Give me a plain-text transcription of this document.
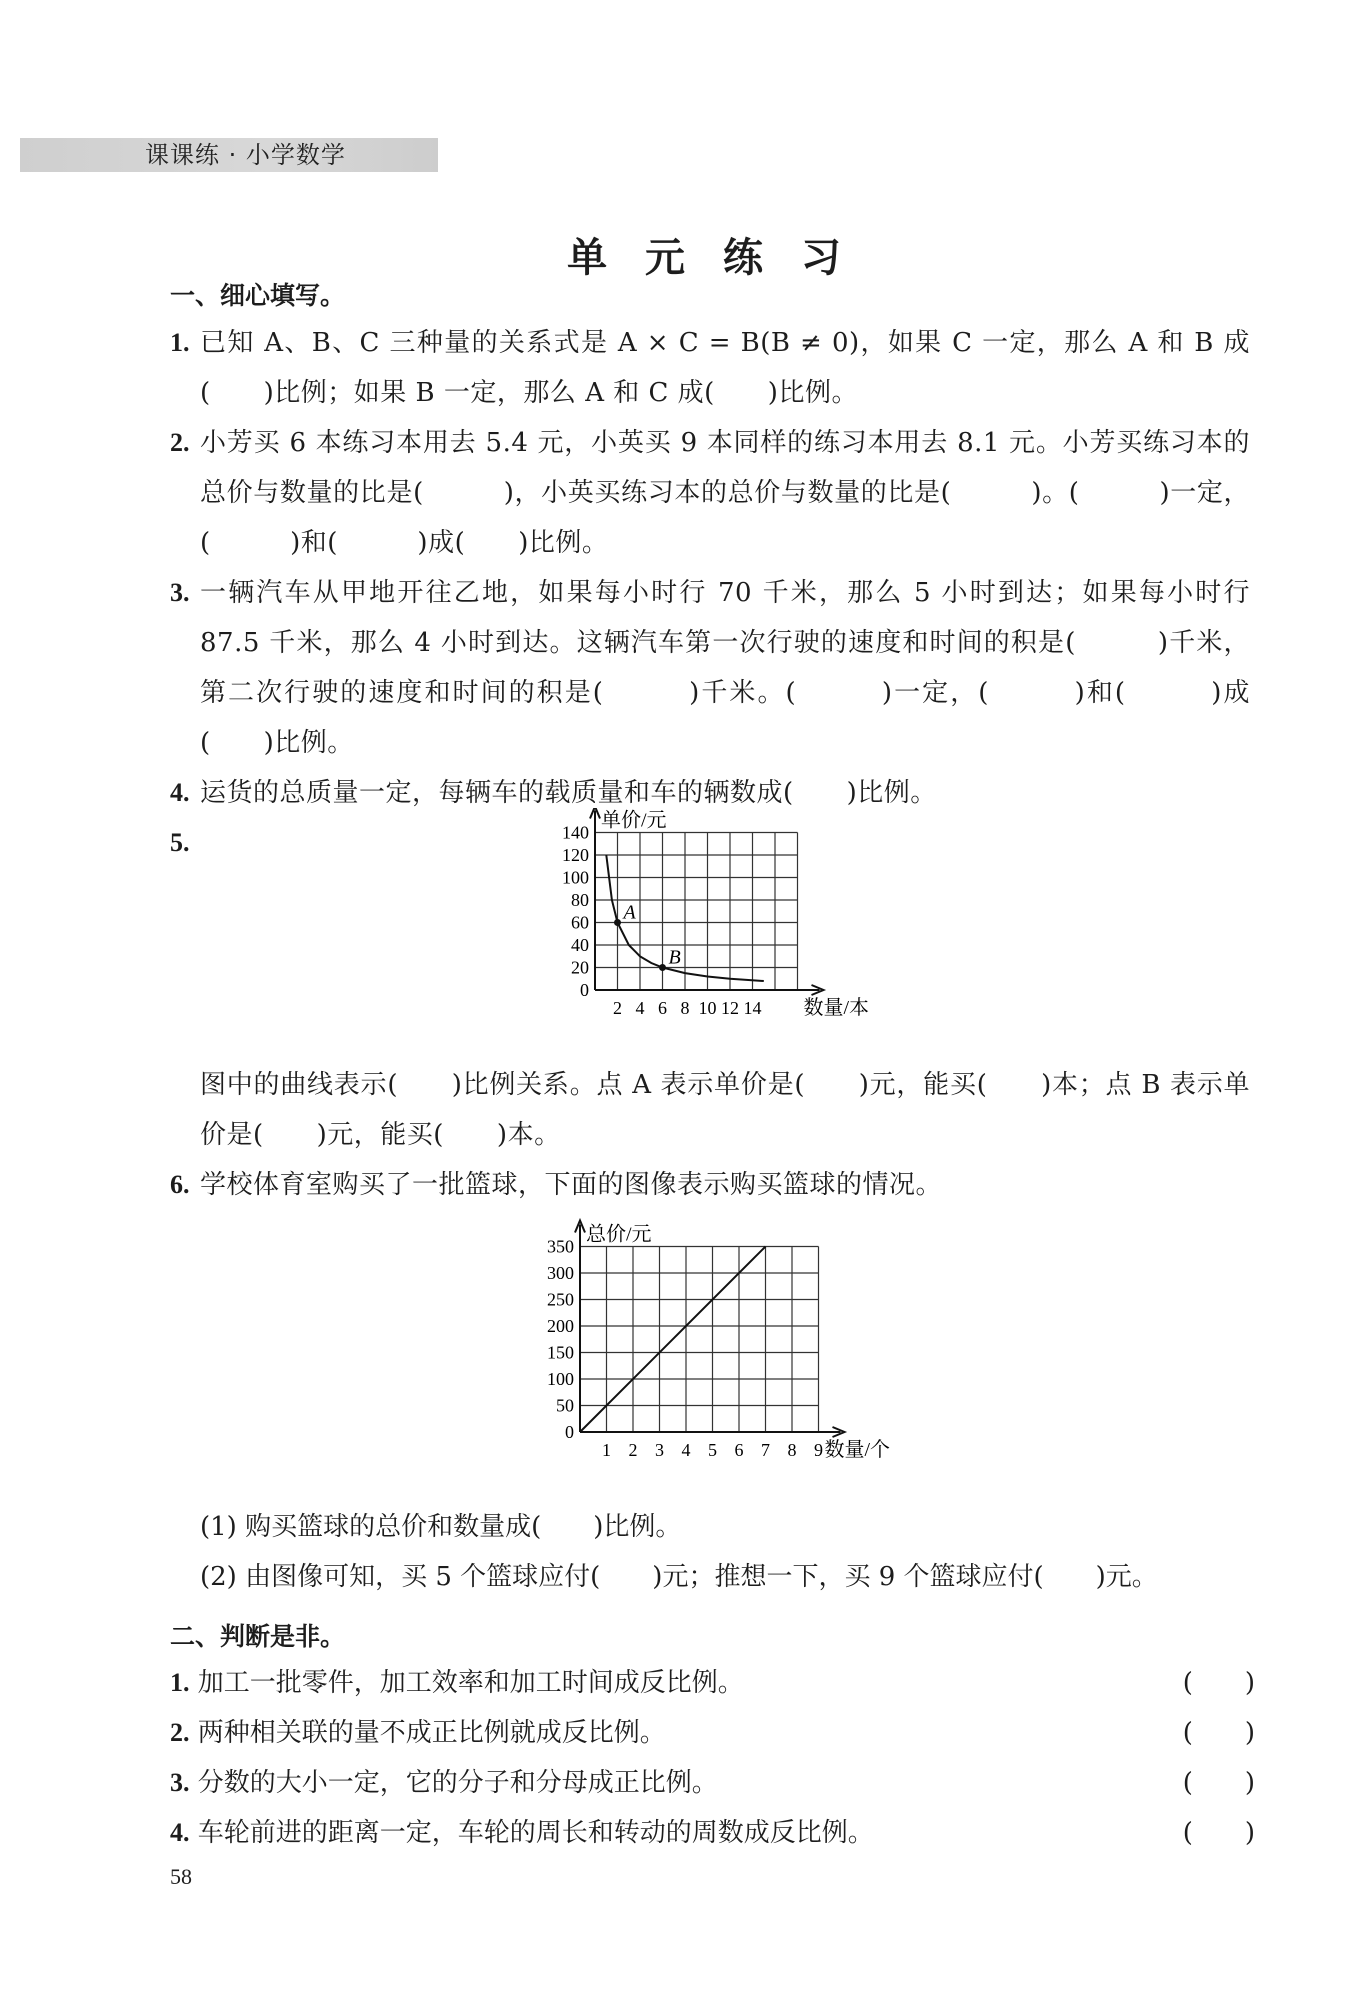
课课练 · 小学数学
单 元 练 习
一、细心填写。
1. 已知 A、B、C 三种量的关系式是 A × C = B(B ≠ 0)，如果 C 一定，那么 A 和 B 成(　　)比例；如果 B 一定，那么 A 和 C 成(　　)比例。
2. 小芳买 6 本练习本用去 5.4 元，小英买 9 本同样的练习本用去 8.1 元。小芳买练习本的总价与数量的比是(　　　)，小英买练习本的总价与数量的比是(　　　)。(　　　)一定，(　　　)和(　　　)成(　　)比例。
3. 一辆汽车从甲地开往乙地，如果每小时行 70 千米，那么 5 小时到达；如果每小时行 87.5 千米，那么 4 小时到达。这辆汽车第一次行驶的速度和时间的积是(　　　)千米，第二次行驶的速度和时间的积是(　　　)千米。(　　　)一定，(　　　)和(　　　)成(　　)比例。
4. 运货的总质量一定，每辆车的载质量和车的辆数成(　　)比例。
5.
0
20
40
60
80
100
120
140
2 4 6 8 10 12 14
单价/元
数量/本
A
B
图中的曲线表示(　　)比例关系。点 A 表示单价是(　　)元，能买(　　)本；点 B 表示单价是(　　)元，能买(　　)本。
6. 学校体育室购买了一批篮球，下面的图像表示购买篮球的情况。
0
50
100
150
200
250
300
350
1 2 3 4 5 6 7 8 9
总价/元
数量/个
(1) 购买篮球的总价和数量成(　　)比例。
(2) 由图像可知，买 5 个篮球应付(　　)元；推想一下，买 9 个篮球应付(　　)元。
二、判断是非。
1. 加工一批零件，加工效率和加工时间成反比例。	(　　)
2. 两种相关联的量不成正比例就成反比例。	(　　)
3. 分数的大小一定，它的分子和分母成正比例。	(　　)
4. 车轮前进的距离一定，车轮的周长和转动的周数成反比例。	(　　)
58
